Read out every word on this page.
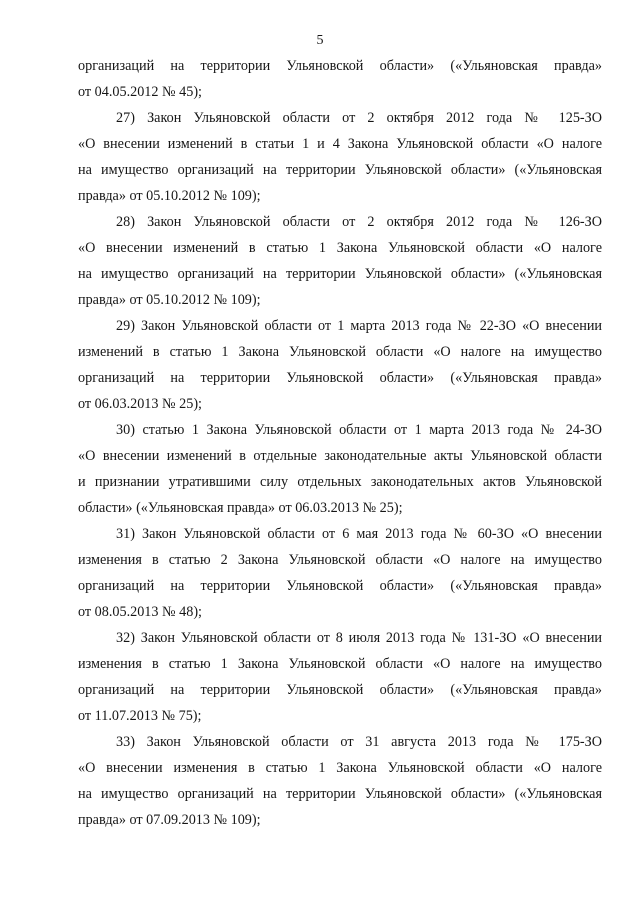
5
организаций на территории Ульяновской области» («Ульяновская правда»
от 04.05.2012 № 45);
27) Закон Ульяновской области от 2 октября 2012 года № 125-ЗО
«О внесении изменений в статьи 1 и 4 Закона Ульяновской области «О налоге
на имущество организаций на территории Ульяновской области» («Ульяновская
правда» от 05.10.2012 № 109);
28) Закон Ульяновской области от 2 октября 2012 года № 126-ЗО
«О внесении изменений в статью 1 Закона Ульяновской области «О налоге
на имущество организаций на территории Ульяновской области» («Ульяновская
правда» от 05.10.2012 № 109);
29) Закон Ульяновской области от 1 марта 2013 года № 22-ЗО «О внесении
изменений в статью 1 Закона Ульяновской области «О налоге на имущество
организаций на территории Ульяновской области» («Ульяновская правда»
от 06.03.2013 № 25);
30) статью 1 Закона Ульяновской области от 1 марта 2013 года № 24-ЗО
«О внесении изменений в отдельные законодательные акты Ульяновской области
и признании утратившими силу отдельных законодательных актов Ульяновской
области» («Ульяновская правда» от 06.03.2013 № 25);
31) Закон Ульяновской области от 6 мая 2013 года № 60-ЗО «О внесении
изменения в статью 2 Закона Ульяновской области «О налоге на имущество
организаций на территории Ульяновской области» («Ульяновская правда»
от 08.05.2013 № 48);
32) Закон Ульяновской области от 8 июля 2013 года № 131-ЗО «О внесении
изменения в статью 1 Закона Ульяновской области «О налоге на имущество
организаций на территории Ульяновской области» («Ульяновская правда»
от 11.07.2013 № 75);
33) Закон Ульяновской области от 31 августа 2013 года № 175-ЗО
«О внесении изменения в статью 1 Закона Ульяновской области «О налоге
на имущество организаций на территории Ульяновской области» («Ульяновская
правда» от 07.09.2013 № 109);
